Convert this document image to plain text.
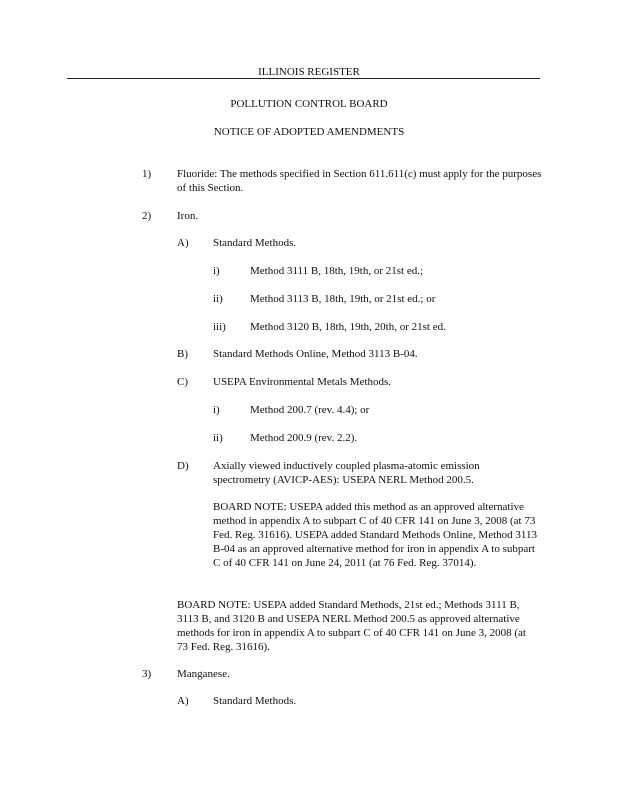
ILLINOIS REGISTER
POLLUTION CONTROL BOARD
NOTICE OF ADOPTED AMENDMENTS
1) Fluoride: The methods specified in Section 611.611(c) must apply for the purposes of this Section.
2) Iron.
A) Standard Methods.
i)	Method 3111 B, 18th, 19th, or 21st ed.;
ii) Method 3113 B, 18th, 19th, or 21st ed.; or
iii) Method 3120 B, 18th, 19th, 20th, or 21st ed.
B) Standard Methods Online, Method 3113 B-04.
C) USEPA Environmental Metals Methods.
i)	Method 200.7 (rev. 4.4); or
ii) Method 200.9 (rev. 2.2).
D) Axially viewed inductively coupled plasma-atomic emission spectrometry (AVICP-AES): USEPA NERL Method 200.5.
BOARD NOTE: USEPA added this method as an approved alternative method in appendix A to subpart C of 40 CFR 141 on June 3, 2008 (at 73 Fed. Reg. 31616). USEPA added Standard Methods Online, Method 3113 B-04 as an approved alternative method for iron in appendix A to subpart C of 40 CFR 141 on June 24, 2011 (at 76 Fed. Reg. 37014).
BOARD NOTE: USEPA added Standard Methods, 21st ed.; Methods 3111 B, 3113 B, and 3120 B and USEPA NERL Method 200.5 as approved alternative methods for iron in appendix A to subpart C of 40 CFR 141 on June 3, 2008 (at 73 Fed. Reg. 31616).
3) Manganese.
A) Standard Methods.
